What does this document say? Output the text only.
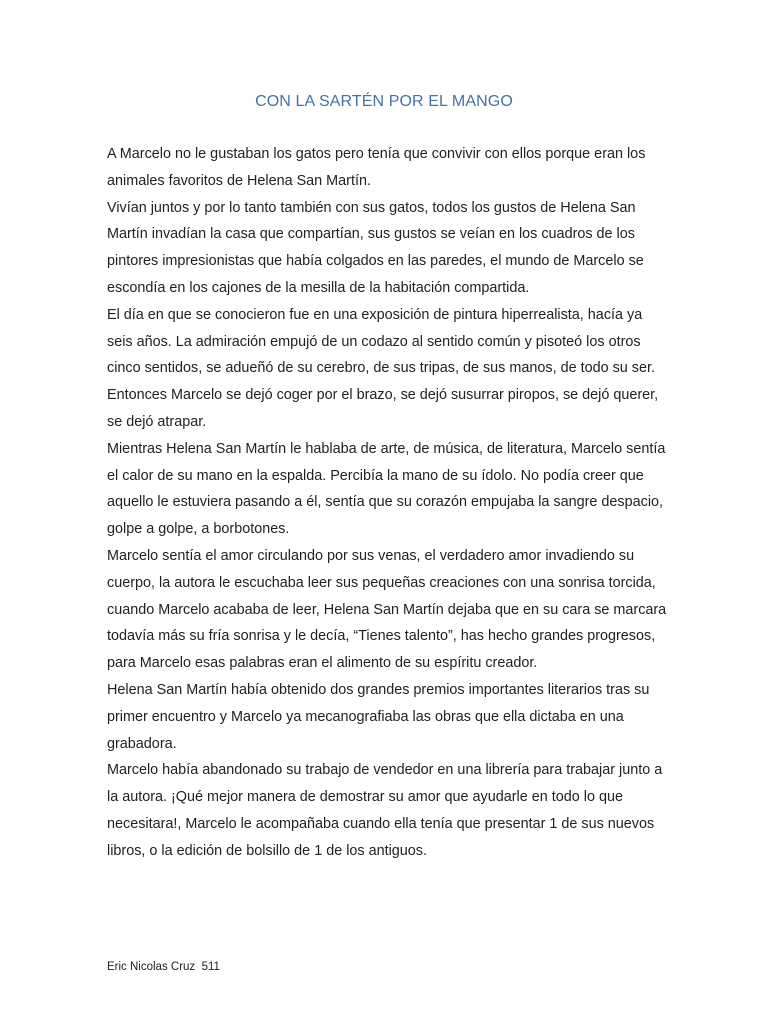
CON LA SARTÉN POR EL MANGO

A Marcelo no le gustaban los gatos pero tenía que convivir con ellos porque eran los animales favoritos de Helena San Martín.

Vivían juntos y por lo tanto también con sus gatos, todos los gustos de Helena San Martín invadían la casa que compartían, sus gustos se veían en los cuadros de los pintores impresionistas que había colgados en las paredes, el mundo de Marcelo se escondía en los cajones de la mesilla de la habitación compartida.

El día en que se conocieron fue en una exposición de pintura hiperrealista, hacía ya seis años. La admiración empujó de un codazo al sentido común y pisoteó los otros cinco sentidos, se adueñó de su cerebro, de sus tripas, de sus manos, de todo su ser. Entonces Marcelo se dejó coger por el brazo, se dejó susurrar piropos, se dejó querer, se dejó atrapar.

Mientras Helena San Martín le hablaba de arte, de música, de literatura, Marcelo sentía el calor de su mano en la espalda. Percibía la mano de su ídolo. No podía creer que aquello le estuviera pasando a él, sentía que su corazón empujaba la sangre despacio, golpe a golpe, a borbotones.

Marcelo sentía el amor circulando por sus venas, el verdadero amor invadiendo su cuerpo, la autora le escuchaba leer sus pequeñas creaciones con una sonrisa torcida, cuando Marcelo acababa de leer, Helena San Martín dejaba que en su cara se marcara todavía más su fría sonrisa y le decía, “Tienes talento”, has hecho grandes progresos, para Marcelo esas palabras eran el alimento de su espíritu creador.

Helena San Martín había obtenido dos grandes premios importantes literarios tras su primer encuentro y Marcelo ya mecanografiaba las obras que ella dictaba en una grabadora.

Marcelo había abandonado su trabajo de vendedor en una librería para trabajar junto a la autora. ¡Qué mejor manera de demostrar su amor que ayudarle en todo lo que necesitara!, Marcelo le acompañaba cuando ella tenía que presentar 1 de sus nuevos libros, o la edición de bolsillo de 1 de los antiguos.

Eric Nicolas Cruz  511
